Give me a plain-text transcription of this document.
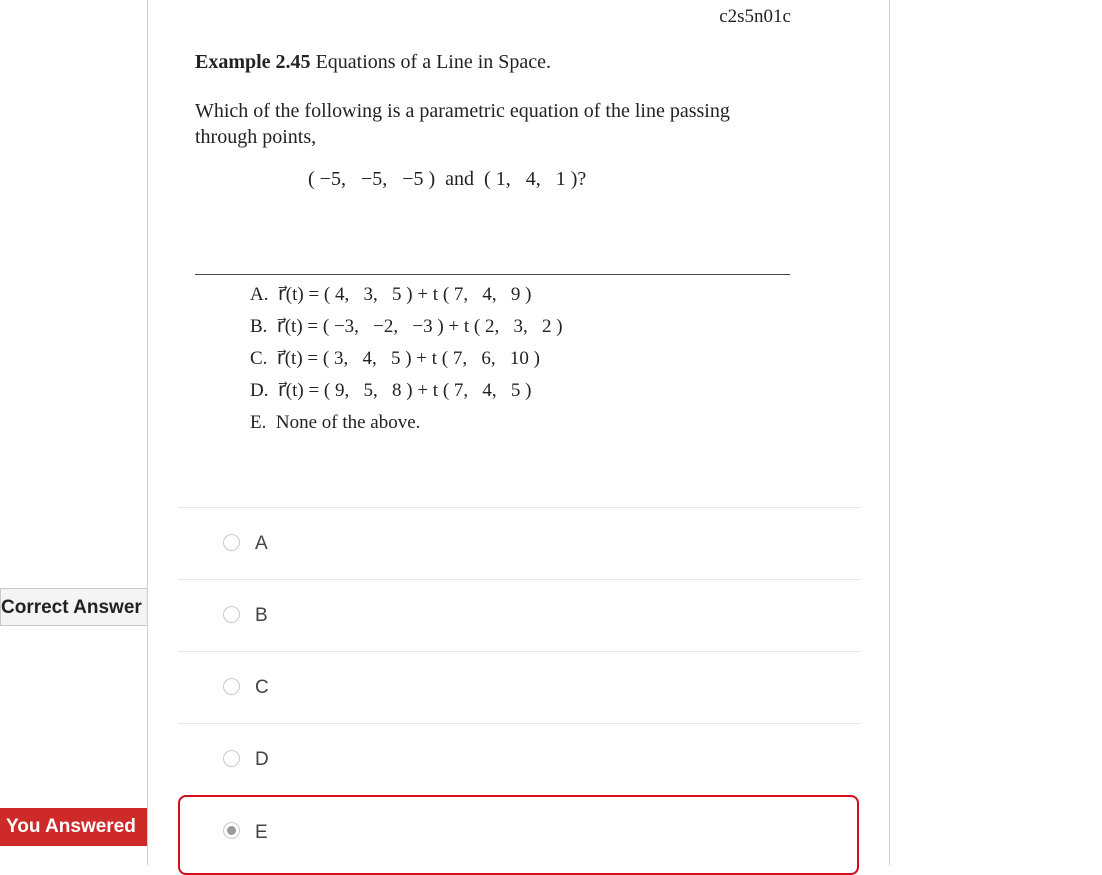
Correct Answer
You Answered
c2s5n01c
Example 2.45 Equations of a Line in Space.
Which of the following is a parametric equation of the line passing through points,
( −5,   −5,   −5 )  and  ( 1,   4,   1 )?
A.  r⃗(t) = ( 4,   3,   5 ) + t ( 7,   4,   9 )
B.  r⃗(t) = ( −3,   −2,   −3 ) + t ( 2,   3,   2 )
C.  r⃗(t) = ( 3,   4,   5 ) + t ( 7,   6,   10 )
D.  r⃗(t) = ( 9,   5,   8 ) + t ( 7,   4,   5 )
E.  None of the above.
A
B
C
D
E
